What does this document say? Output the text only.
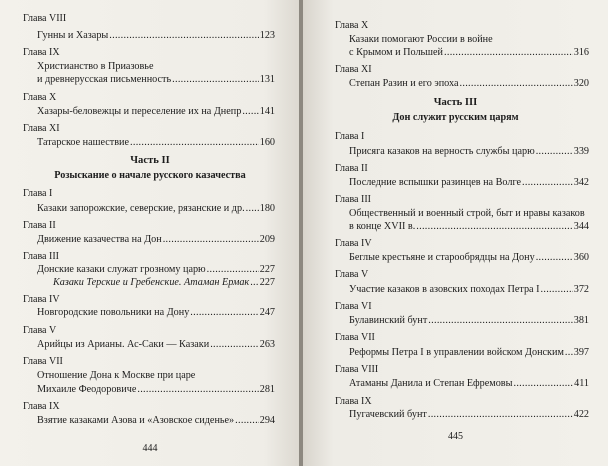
Глава VIII
Гунны и Хазары .....	123
Глава IX
Христианство в Приазовье
и древнерусская письменность .....	131
Глава X
Хазары-беловежцы и переселение их на Днепр ..... 141
Глава XI
Татарское нашествие .....	160
Часть II
Розыскание о начале русского казачества
Глава I
Казаки запорожские, северские, рязанские и др. ..... 180
Глава II
Движение казачества на Дон .....	209
Глава III
Донские казаки служат грозному царю .....	227
Казаки Терские и Гребенские. Атаман Ермак ..... 227
Глава IV
Новгородские повольники на Дону .....	247
Глава V
Арийцы из Арианы. Ас-Саки — Казаки .....	263
Глава VII
Отношение Дона к Москве при царе
Михаиле Феодоровиче .....	281
Глава IX
Взятие казаками Азова и «Азовское сиденье» .....	294
444
Глава X
Казаки помогают России в войне
с Крымом и Польшей .....	316
Глава XI
Степан Разин и его эпоха .....	320
Часть III
Дон служит русским царям
Глава I
Присяга казаков на верность службы царю .....	339
Глава II
Последние вспышки разинцев на Волге .....	342
Глава III
Общественный и военный строй, быт и нравы казаков
в конце XVII в. .....	344
Глава IV
Беглые крестьяне и старообрядцы на Дону .....	360
Глава V
Участие казаков в азовских походах Петра I .....	372
Глава VI
Булавинский бунт .....	381
Глава VII
Реформы Петра I в управлении войском Донским ..... 397
Глава VIII
Атаманы Данила и Степан Ефремовы .....	411
Глава IX
Пугачевский бунт .....	422
445
